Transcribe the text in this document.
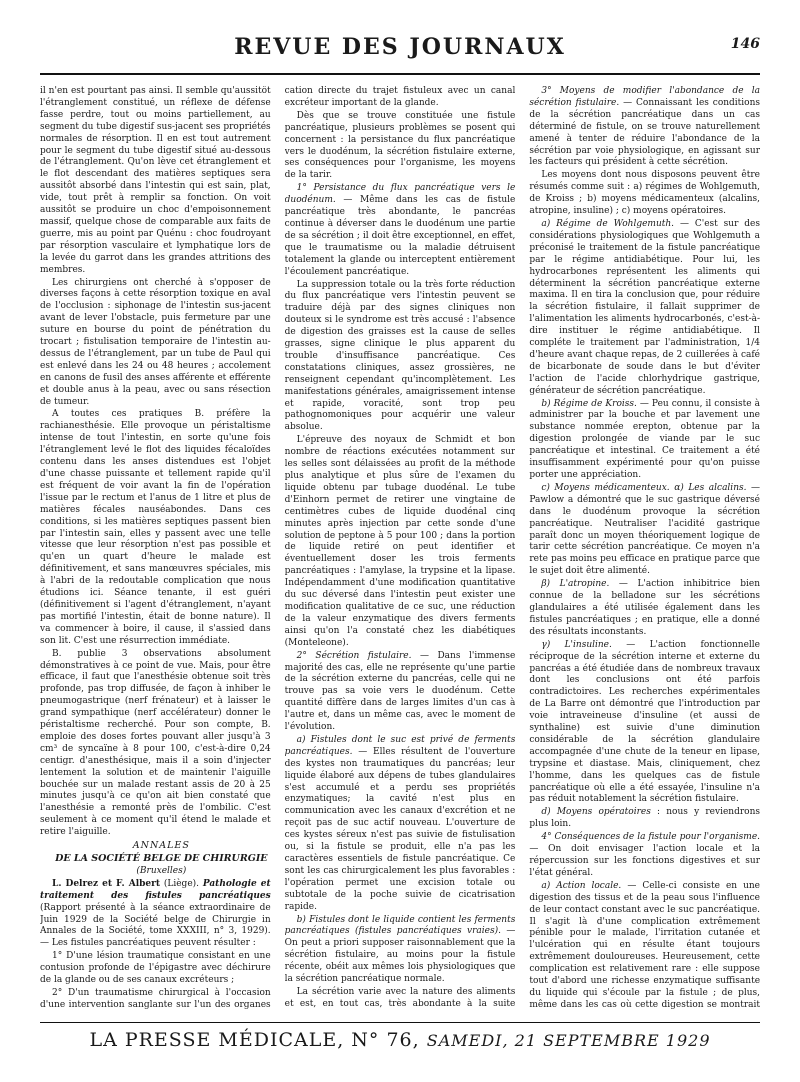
REVUE DES JOURNAUX	146

il n'en est pourtant pas ainsi. Il semble qu'aussitôt l'étranglement constitué, un réflexe de défense fasse perdre, tout ou moins partiellement, au segment du tube digestif sus-jacent ses propriétés normales de résorption. Il en est tout autrement pour le segment du tube digestif situé au-dessous de l'étranglement. Qu'on lève cet étranglement et le flot descendant des matières septiques sera aussitôt absorbé dans l'intestin qui est sain, plat, vide, tout prêt à remplir sa fonction. On voit aussitôt se produire un choc d'empoisonnement massif, quelque chose de comparable aux faits de guerre, mis au point par Quénu : choc foudroyant par résorption vasculaire et lymphatique lors de la levée du garrot dans les grandes attritions des membres.

Les chirurgiens ont cherché à s'opposer de diverses façons à cette résorption toxique en aval de l'occlusion : siphonage de l'intestin sus-jacent avant de lever l'obstacle, puis fermeture par une suture en bourse du point de pénétration du trocart ; fistulisation temporaire de l'intestin au-dessus de l'étranglement, par un tube de Paul qui est enlevé dans les 24 ou 48 heures ; accolement en canons de fusil des anses afférente et efférente et double anus à la peau, avec ou sans résection de tumeur.

A toutes ces pratiques B. préfère la rachianesthésie. Elle provoque un péristaltisme intense de tout l'intestin, en sorte qu'une fois l'étranglement levé le flot des liquides fécaloïdes contenu dans les anses distendues est l'objet d'une chasse puissante et tellement rapide qu'il est fréquent de voir avant la fin de l'opération l'issue par le rectum et l'anus de 1 litre et plus de matières fécales nauséabondes. Dans ces conditions, si les matières septiques passent bien par l'intestin sain, elles y passent avec une telle vitesse que leur résorption n'est pas possible et qu'en un quart d'heure le malade est définitivement, et sans manœuvres spéciales, mis à l'abri de la redoutable complication que nous étudions ici. Séance tenante, il est guéri (définitivement si l'agent d'étranglement, n'ayant pas mortifié l'intestin, était de bonne nature). Il va commencer à boire, il cause, il s'assied dans son lit. C'est une résurrection immédiate.

B. publie 3 observations absolument démonstratives à ce point de vue. Mais, pour être efficace, il faut que l'anesthésie obtenue soit très profonde, pas trop diffusée, de façon à inhiber le pneumogastrique (nerf frénateur) et à laisser le grand sympathique (nerf accélérateur) donner le péristaltisme recherché. Pour son compte, B. emploie des doses fortes pouvant aller jusqu'à 3 cm³ de syncaïne à 8 pour 100, c'est-à-dire 0,24 centigr. d'anesthésique, mais il a soin d'injecter lentement la solution et de maintenir l'aiguille bouchée sur un malade restant assis de 20 à 25 minutes jusqu'à ce qu'on ait bien constaté que l'anesthésie a remonté près de l'ombilic. C'est seulement à ce moment qu'il étend le malade et retire l'aiguille.

ANNALES

DE LA SOCIÉTÉ BELGE DE CHIRURGIE

(Bruxelles)

L. Delrez et F. Albert (Liège). Pathologie et traitement des fistules pancréatiques (Rapport présenté à la séance extraordinaire de Juin 1929 de la Société belge de Chirurgie in Annales de la Société, tome XXXIII, n° 3, 1929). — Les fistules pancréatiques peuvent résulter :

1° D'une lésion traumatique consistant en une contusion profonde de l'épigastre avec déchirure de la glande ou de ses canaux excréteurs ;

2° D'un traumatisme chirurgical à l'occasion d'une intervention sanglante sur l'un des organes

cation directe du trajet fistuleux avec un canal excréteur important de la glande.

Dès que se trouve constituée une fistule pancréatique, plusieurs problèmes se posent qui concernent : la persistance du flux pancréatique vers le duodénum, la sécrétion fistulaire externe, ses conséquences pour l'organisme, les moyens de la tarir.

1° Persistance du flux pancréatique vers le duodénum. — Même dans les cas de fistule pancréatique très abondante, le pancréas continue à déverser dans le duodénum une partie de sa sécrétion ; il doit être exceptionnel, en effet, que le traumatisme ou la maladie détruisent totalement la glande ou interceptent entièrement l'écoulement pancréatique.

La suppression totale ou la très forte réduction du flux pancréatique vers l'intestin peuvent se traduire déjà par des signes cliniques non douteux si le syndrome est très accusé : l'absence de digestion des graisses est la cause de selles grasses, signe clinique le plus apparent du trouble d'insuffisance pancréatique. Ces constatations cliniques, assez grossières, ne renseignent cependant qu'incomplètement. Les manifestations générales, amaigrissement intense et rapide, voracité, sont trop peu pathognomoniques pour acquérir une valeur absolue.

L'épreuve des noyaux de Schmidt et bon nombre de réactions exécutées notamment sur les selles sont délaissées au profit de la méthode plus analytique et plus sûre de l'examen du liquide obtenu par tubage duodénal. Le tube d'Einhorn permet de retirer une vingtaine de centimètres cubes de liquide duodénal cinq minutes après injection par cette sonde d'une solution de peptone à 5 pour 100 ; dans la portion de liquide retiré on peut identifier et éventuellement doser les trois ferments pancréatiques : l'amylase, la trypsine et la lipase. Indépendamment d'une modification quantitative du suc déversé dans l'intestin peut exister une modification qualitative de ce suc, une réduction de la valeur enzymatique des divers ferments ainsi qu'on l'a constaté chez les diabétiques (Monteleone).

2° Sécrétion fistulaire. — Dans l'immense majorité des cas, elle ne représente qu'une partie de la sécrétion externe du pancréas, celle qui ne trouve pas sa voie vers le duodénum. Cette quantité diffère dans de larges limites d'un cas à l'autre et, dans un même cas, avec le moment de l'évolution.

a) Fistules dont le suc est privé de ferments pancréatiques. — Elles résultent de l'ouverture des kystes non traumatiques du pancréas; leur liquide élaboré aux dépens de tubes glandulaires s'est accumulé et a perdu ses propriétés enzymatiques; la cavité n'est plus en communication avec les canaux d'excrétion et ne reçoit pas de suc actif nouveau. L'ouverture de ces kystes séreux n'est pas suivie de fistulisation ou, si la fistule se produit, elle n'a pas les caractères essentiels de fistule pancréatique. Ce sont les cas chirurgicalement les plus favorables : l'opération permet une excision totale ou subtotale de la poche suivie de cicatrisation rapide.

b) Fistules dont le liquide contient les ferments pancréatiques (fistules pancréatiques vraies). — On peut a priori supposer raisonnablement que la sécrétion fistulaire, au moins pour la fistule récente, obéit aux mêmes lois physiologiques que la sécrétion pancréatique normale.

La sécrétion varie avec la nature des aliments et est, en tout cas, très abondante à la suite

3° Moyens de modifier l'abondance de la sécrétion fistulaire. — Connaissant les conditions de la sécrétion pancréatique dans un cas déterminé de fistule, on se trouve naturellement amené à tenter de réduire l'abondance de la sécrétion par voie physiologique, en agissant sur les facteurs qui président à cette sécrétion.

Les moyens dont nous disposons peuvent être résumés comme suit : a) régimes de Wohlgemuth, de Kroiss ; b) moyens médicamenteux (alcalins, atropine, insuline) ; c) moyens opératoires.

a) Régime de Wohlgemuth. — C'est sur des considérations physiologiques que Wohlgemuth a préconisé le traitement de la fistule pancréatique par le régime antidiabétique. Pour lui, les hydrocarbones représentent les aliments qui déterminent la sécrétion pancréatique externe maxima. Il en tira la conclusion que, pour réduire la sécrétion fistulaire, il fallait supprimer de l'alimentation les aliments hydrocarbonés, c'est-à-dire instituer le régime antidiabétique. Il compléte le traitement par l'administration, 1/4 d'heure avant chaque repas, de 2 cuillerées à café de bicarbonate de soude dans le but d'éviter l'action de l'acide chlorhydrique gastrique, générateur de sécrétion pancréatique.

b) Régime de Kroiss. — Peu connu, il consiste à administrer par la bouche et par lavement une substance nommée erepton, obtenue par la digestion prolongée de viande par le suc pancréatique et intestinal. Ce traitement a été insuffisamment expérimenté pour qu'on puisse porter une appréciation.

c) Moyens médicamenteux. α) Les alcalins. — Pawlow a démontré que le suc gastrique déversé dans le duodénum provoque la sécrétion pancréatique. Neutraliser l'acidité gastrique paraît donc un moyen théoriquement logique de tarir cette sécrétion pancréatique. Ce moyen n'a rete pas moins peu efficace en pratique parce que le sujet doit être alimenté.

β) L'atropine. — L'action inhibitrice bien connue de la belladone sur les sécrétions glandulaires a été utilisée également dans les fistules pancréatiques ; en pratique, elle a donné des résultats inconstants.

γ) L'insuline. — L'action fonctionnelle réciproque de la sécrétion interne et externe du pancréas a été étudiée dans de nombreux travaux dont les conclusions ont été parfois contradictoires. Les recherches expérimentales de La Barre ont démontré que l'introduction par voie intraveineuse d'insuline (et aussi de synthaline) est suivie d'une diminution considérable de la sécrétion glandulaire accompagnée d'une chute de la teneur en lipase, trypsine et diastase. Mais, cliniquement, chez l'homme, dans les quelques cas de fistule pancréatique où elle a été essayée, l'insuline n'a pas réduit notablement la sécrétion fistulaire.

d) Moyens opératoires : nous y reviendrons plus loin.

4° Conséquences de la fistule pour l'organisme. — On doit envisager l'action locale et la répercussion sur les fonctions digestives et sur l'état général.

a) Action locale. — Celle-ci consiste en une digestion des tissus et de la peau sous l'influence de leur contact constant avec le suc pancréatique. Il s'agit là d'une complication extrêmement pénible pour le malade, l'irritation cutanée et l'ulcération qui en résulte étant toujours extrêmement douloureuses. Heureusement, cette complication est relativement rare : elle suppose tout d'abord une richesse enzymatique suffisante du liquide qui s'écoule par la fistule ; de plus, même dans les cas où cette digestion se montrait

LA PRESSE MÉDICALE, N° 76, SAMEDI, 21 SEPTEMBRE 1929
